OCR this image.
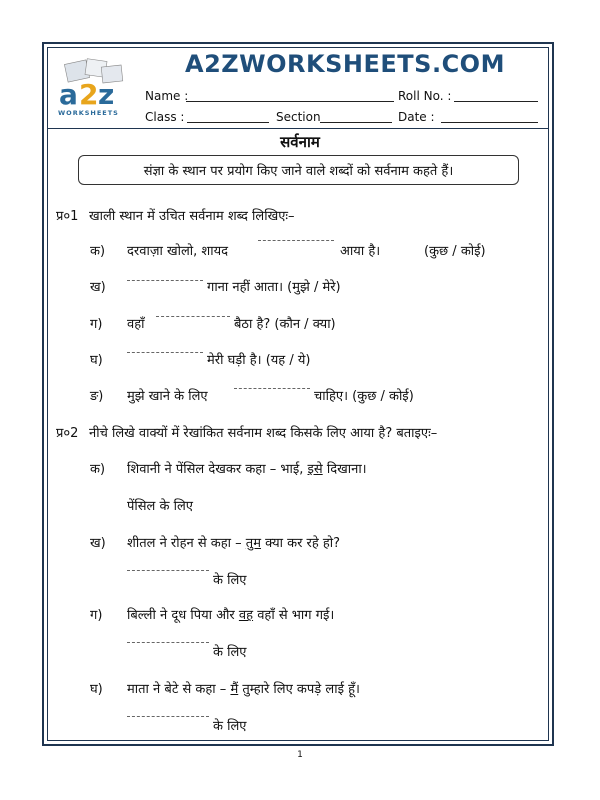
a 2 z
WORKSHEETS
A2ZWORKSHEETS.COM
Name :	Roll No. :
Class :	Section	Date :
सर्वनाम
संज्ञा के स्थान पर प्रयोग किए जाने वाले शब्दों को सर्वनाम कहते हैं।
प्र०1 खाली स्थान में उचित सर्वनाम शब्द लिखिएः–
क) दरवाज़ा खोलो, शायद	आया है।	(कुछ / कोई)
ख)	गाना नहीं आता। (मुझे / मेरे)
ग) वहाँ	बैठा है? (कौन / क्या)
घ)	मेरी घड़ी है। (यह / ये)
ङ) मुझे खाने के लिए	चाहिए। (कुछ / कोई)
प्र०2 नीचे लिखे वाक्यों में रेखांकित सर्वनाम शब्द किसके लिए आया है? बताइएः–
क) शिवानी ने पेंसिल देखकर कहा – भाई, इसे दिखाना।
पेंसिल के लिए
ख) शीतल ने रोहन से कहा – तुम क्या कर रहे हो?
के लिए
ग) बिल्ली ने दूध पिया और वह वहाँ से भाग गई।
के लिए
घ) माता ने बेटे से कहा – मैं तुम्हारे लिए कपड़े लाई हूँ।
के लिए
1
